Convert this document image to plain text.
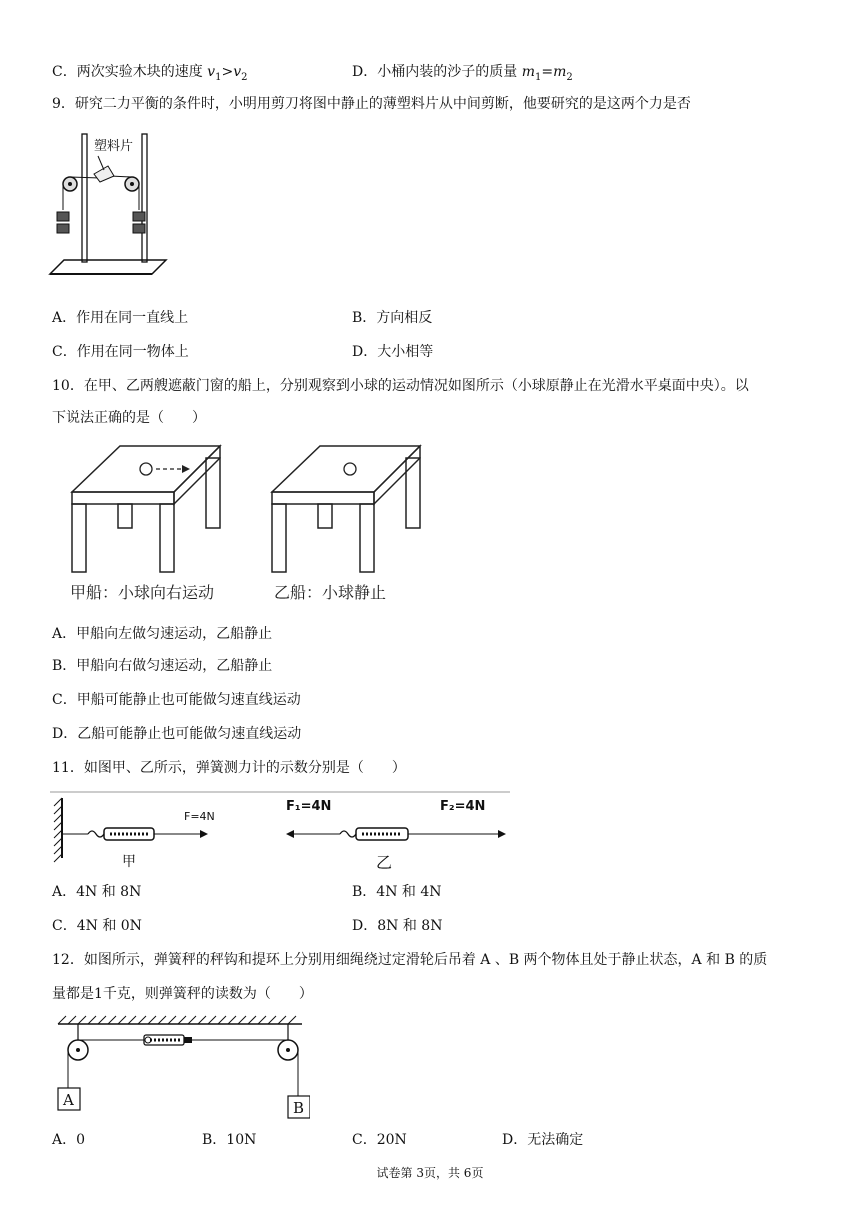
C．两次实验木块的速度 $v_1>v_2$	D．小桶内装的沙子的质量 $m_1=m_2$
9．研究二力平衡的条件时，小明用剪刀将图中静止的薄塑料片从中间剪断，他要研究的是这两个力是否
塑料片
A．作用在同一直线上	B．方向相反
C．作用在同一物体上	D．大小相等
10．在甲、乙两艘遮蔽门窗的船上，分别观察到小球的运动情况如图所示（小球原静止在光滑水平桌面中央）。以
下说法正确的是（　　）
甲船：小球向右运动	乙船：小球静止
A．甲船向左做匀速运动，乙船静止
B．甲船向右做匀速运动，乙船静止
C．甲船可能静止也可能做匀速直线运动
D．乙船可能静止也可能做匀速直线运动
11．如图甲、乙所示，弹簧测力计的示数分别是（　　）
F=4N
甲
F₁=4N	F₂=4N
乙
A．4N 和 8N	B．4N 和 4N
C．4N 和 0N	D．8N 和 8N
12．如图所示，弹簧秤的秤钩和提环上分别用细绳绕过定滑轮后吊着 A 、B 两个物体且处于静止状态，A 和 B 的质
量都是1千克，则弹簧秤的读数为（　　）
A	B
A．0	B．10N	C．20N	D．无法确定
试卷第 3页，共 6页
